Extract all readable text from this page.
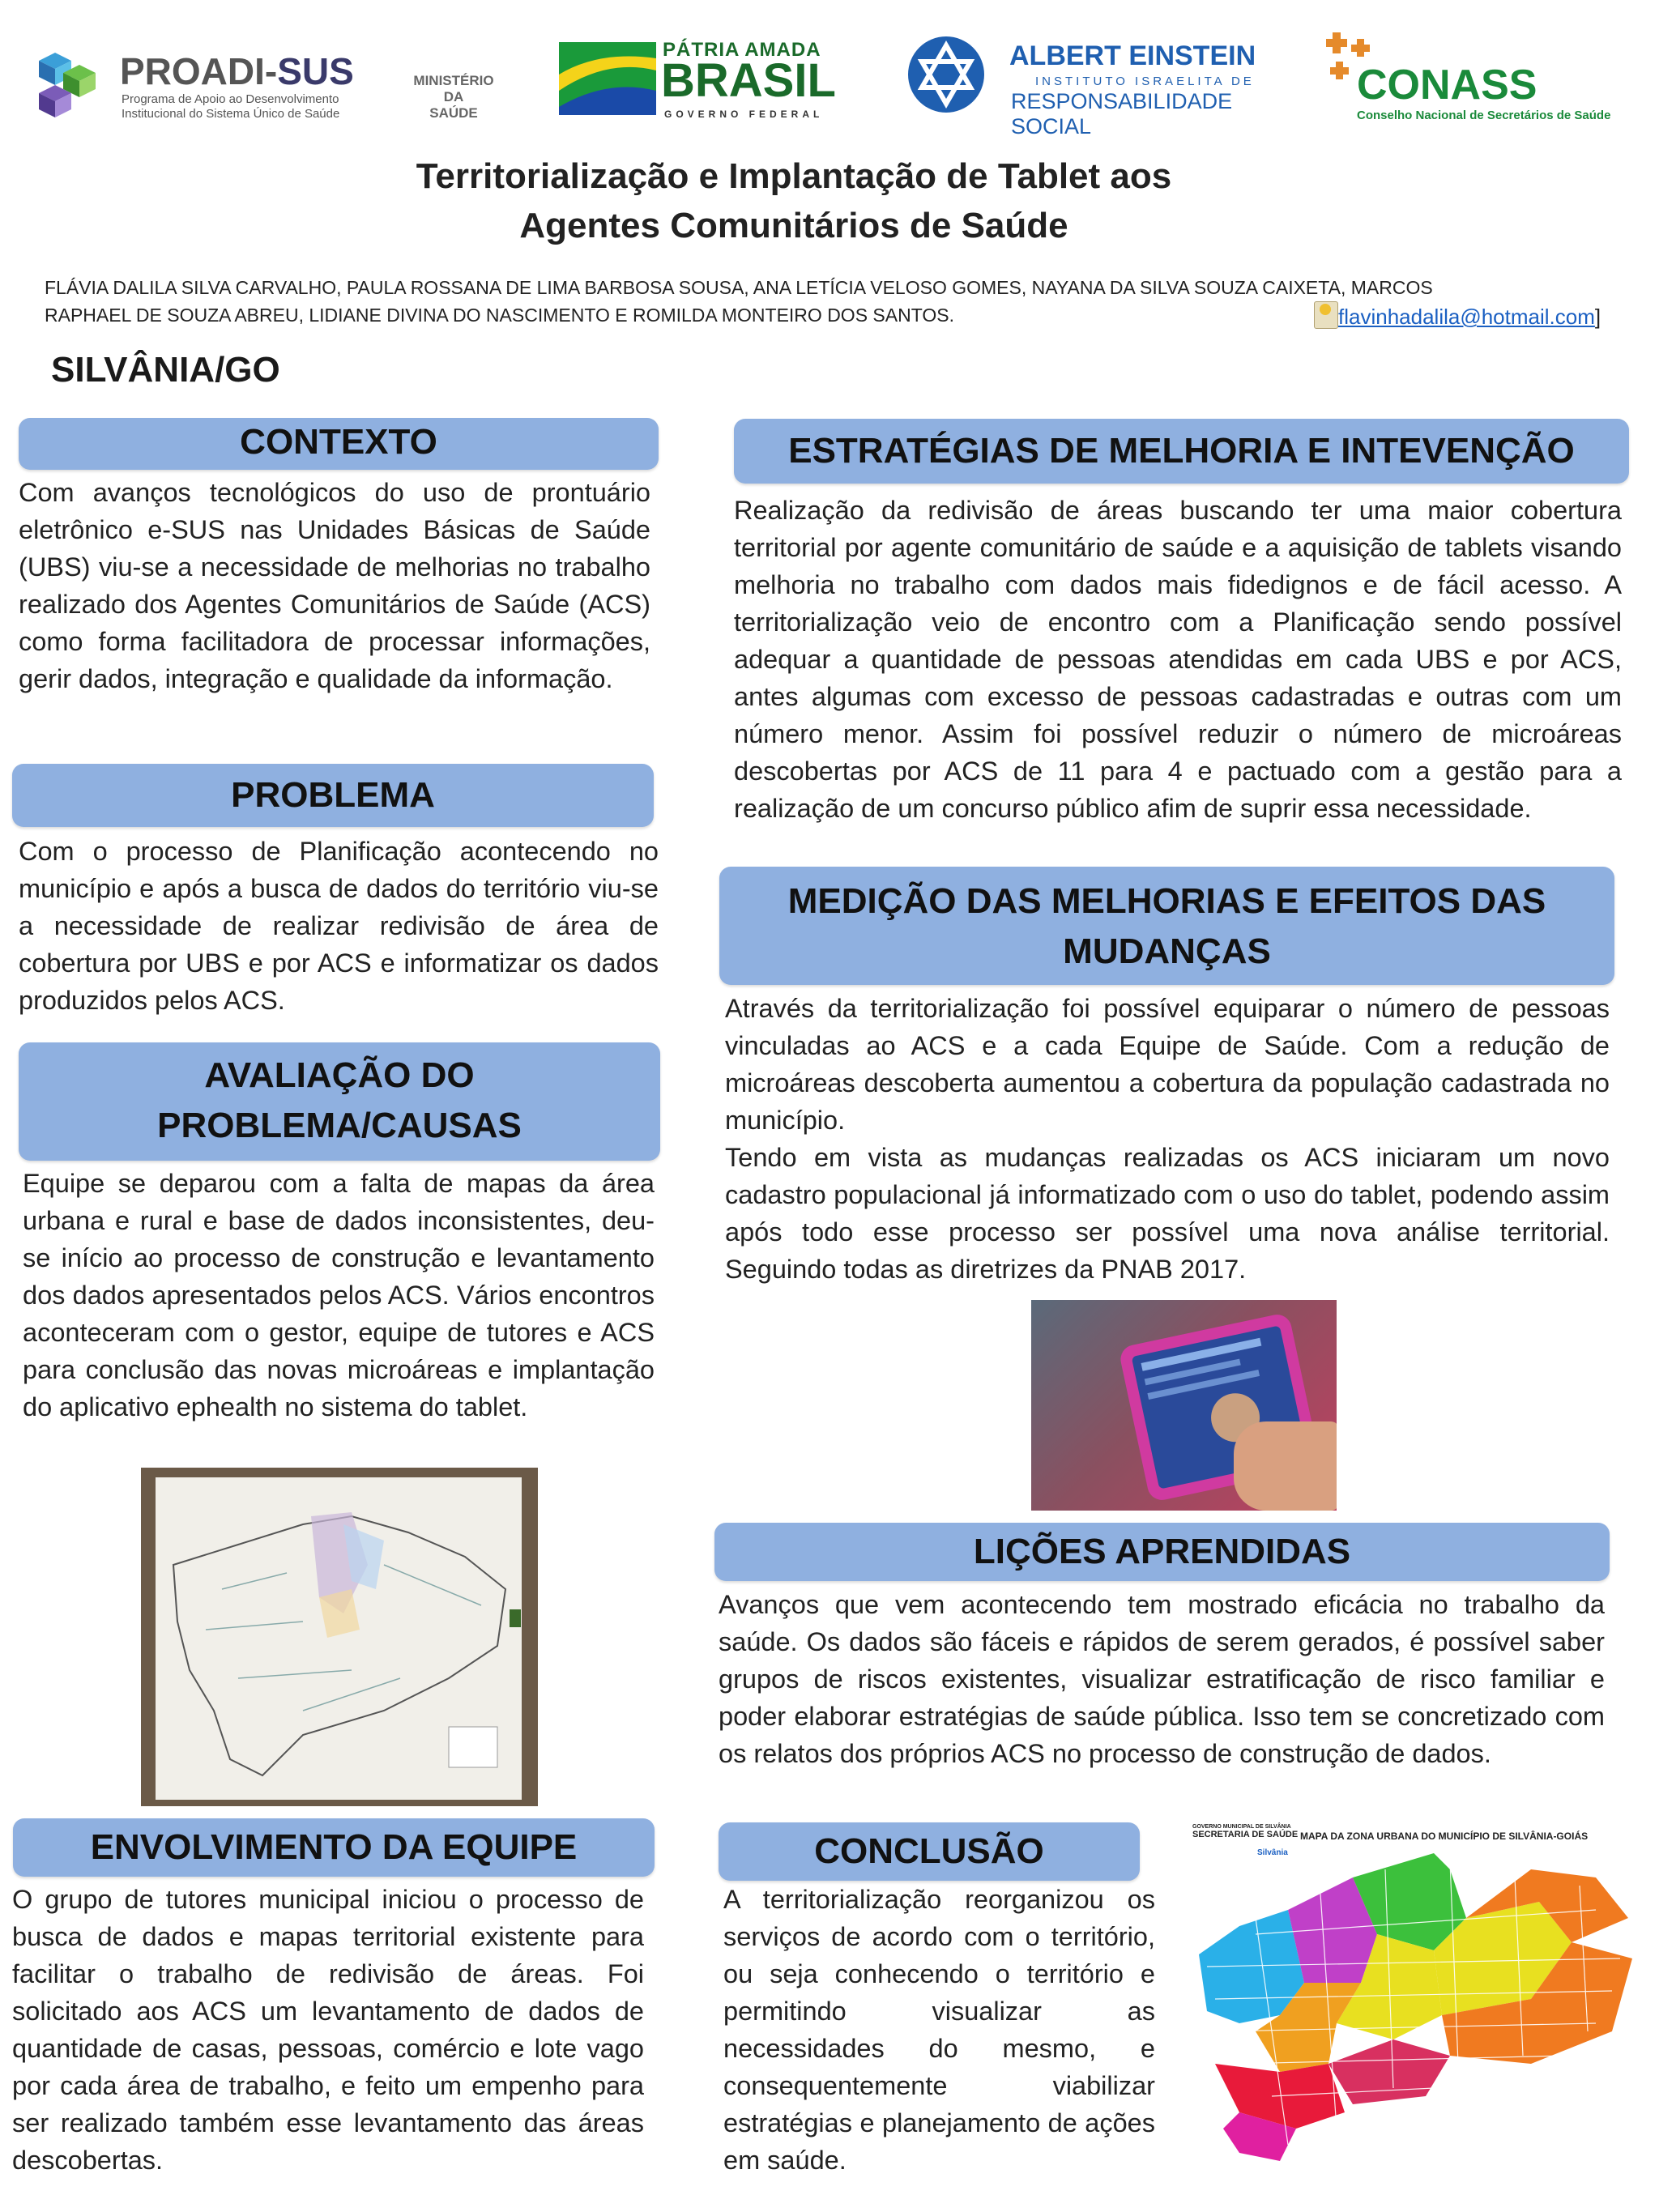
PROADI-SUS
Programa de Apoio ao Desenvolvimento
Institucional do Sistema Único de Saúde
MINISTÉRIO DA
SAÚDE
PÁTRIA AMADA
BRASIL
GOVERNO FEDERAL
ALBERT EINSTEIN
INSTITUTO ISRAELITA DE
RESPONSABILIDADE SOCIAL
CONASS
Conselho Nacional de Secretários de Saúde
Territorialização e Implantação de Tablet aos
Agentes Comunitários de Saúde
FLÁVIA DALILA SILVA CARVALHO, PAULA ROSSANA DE LIMA BARBOSA SOUSA, ANA LETÍCIA VELOSO GOMES, NAYANA DA SILVA SOUZA CAIXETA, MARCOS
RAPHAEL DE SOUZA ABREU, LIDIANE DIVINA DO NASCIMENTO E ROMILDA MONTEIRO DOS SANTOS.	flavinhadalila@hotmail.com]
SILVÂNIA/GO
CONTEXTO
Com avanços tecnológicos do uso de prontuário eletrônico e-SUS nas Unidades Básicas de Saúde (UBS) viu-se a necessidade de melhorias no trabalho realizado dos Agentes Comunitários de Saúde (ACS) como forma facilitadora de processar informações, gerir dados, integração e qualidade da informação.
PROBLEMA
Com o processo de Planificação acontecendo no município e após a busca de dados do território viu-se a necessidade de realizar redivisão de área de cobertura por UBS e por ACS e informatizar os dados produzidos pelos ACS.
AVALIAÇÃO DO
PROBLEMA/CAUSAS
Equipe se deparou com a falta de mapas da área urbana e rural e base de dados inconsistentes, deu-se início ao processo de construção e levantamento dos dados apresentados pelos ACS. Vários encontros aconteceram com o gestor, equipe de tutores e ACS para conclusão das novas microáreas e implantação do aplicativo ephealth no sistema do tablet.
ENVOLVIMENTO DA EQUIPE
O grupo de tutores municipal iniciou o processo de busca de dados e mapas territorial existente para facilitar o trabalho de redivisão de áreas. Foi solicitado aos ACS um levantamento de dados de quantidade de casas, pessoas, comércio e lote vago por cada área de trabalho, e feito um empenho para ser realizado também esse levantamento das áreas descobertas.
ESTRATÉGIAS DE MELHORIA E INTEVENÇÃO
Realização da redivisão de áreas buscando ter uma maior cobertura territorial por agente comunitário de saúde e a aquisição de tablets visando melhoria no trabalho com dados mais fidedignos e de fácil acesso. A territorialização veio de encontro com a Planificação sendo possível adequar a quantidade de pessoas atendidas em cada UBS e por ACS, antes algumas com excesso de pessoas cadastradas e outras com um número menor. Assim foi possível reduzir o número de microáreas descobertas por ACS de 11 para 4 e pactuado com a gestão para a realização de um concurso público afim de suprir essa necessidade.
MEDIÇÃO DAS MELHORIAS E EFEITOS DAS
MUDANÇAS

Através da territorialização foi possível equiparar o número de pessoas vinculadas ao ACS e a cada Equipe de Saúde. Com a redução de microáreas descoberta aumentou a cobertura da população cadastrada no município.

Tendo em vista as mudanças realizadas os ACS iniciaram um novo cadastro populacional já informatizado com o uso do tablet, podendo assim após todo esse processo ser possível uma nova análise territorial. Seguindo todas as diretrizes da PNAB 2017.

LIÇÕES APRENDIDAS
Avanços que vem acontecendo tem mostrado eficácia no trabalho da saúde. Os dados são fáceis e rápidos de serem gerados, é possível saber grupos de riscos existentes, visualizar estratificação de risco familiar e poder elaborar estratégias de saúde pública. Isso tem se concretizado com os relatos dos próprios ACS no processo de construção de dados.
CONCLUSÃO
A territorialização reorganizou os serviços de acordo com o território, ou seja conhecendo o território e permitindo visualizar as necessidades do mesmo, e consequentemente viabilizar estratégias e planejamento de ações em saúde.
GOVERNO MUNICIPAL DE SILVÂNIA
SECRETARIA DE SAÚDE
Silvânia
MAPA DA ZONA URBANA DO MUNICÍPIO DE SILVÂNIA-GOIÁS
